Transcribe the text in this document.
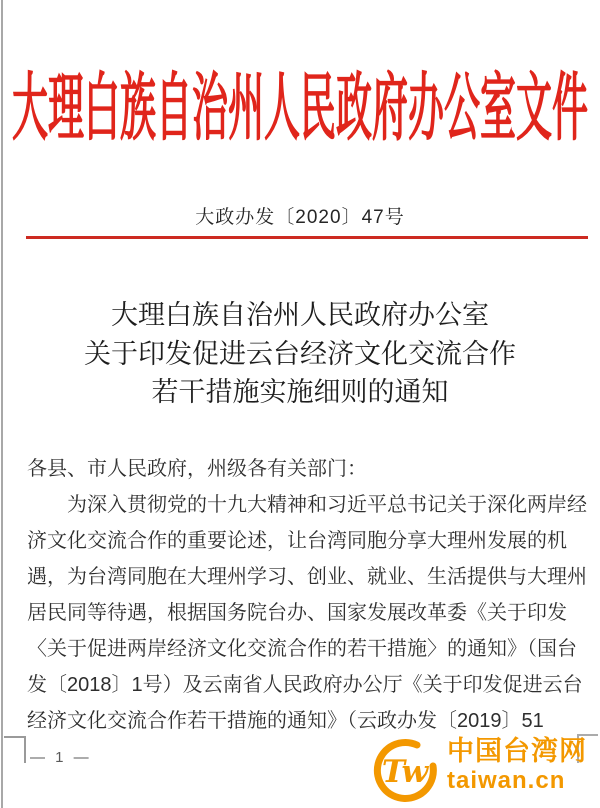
大理白族自治州人民政府办公室文件
大政办发〔2020〕47号
大理白族自治州人民政府办公室
关于印发促进云台经济文化交流合作
若干措施实施细则的通知
各县、市人民政府，州级各有关部门：
为深入贯彻党的十九大精神和习近平总书记关于深化两岸经
济文化交流合作的重要论述，让台湾同胞分享大理州发展的机
遇，为台湾同胞在大理州学习、创业、就业、生活提供与大理州
居民同等待遇，根据国务院台办、国家发展改革委《关于印发
〈关于促进两岸经济文化交流合作的若干措施〉的通知》（国台
发〔2018〕1号）及云南省人民政府办公厅《关于印发促进云台
经济文化交流合作若干措施的通知》（云政办发〔2019〕51
— 1 —	Tw
中国台湾网
taiwan.cn
